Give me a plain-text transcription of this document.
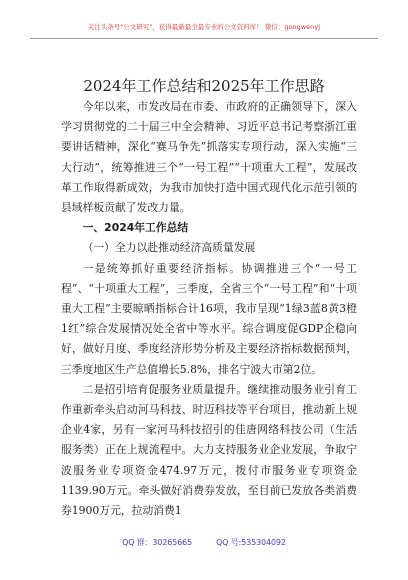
关注头条号"公文研究"，获得最新最全最专业的公文资料库！ 微信：gongwenyj
2024年工作总结和2025年工作思路

今年以来，市发改局在市委、市政府的正确领导下，深入学习贯彻党的二十届三中全会精神、习近平总书记考察浙江重要讲话精神，深化“赛马争先”抓落实专项行动，深入实施“三大行动”，统筹推进三个“一号工程”“十项重大工程”，发展改革工作取得新成效，为我市加快打造中国式现代化示范引领的县域样板贡献了发改力量。

一、2024年工作总结
（一）全力以赴推动经济高质量发展

一是统筹抓好重要经济指标。协调推进三个“一号工程”、“十项重大工程”，三季度，全省三个“一号工程”和“十项重大工程”主要晾晒指标合计16项，我市呈现“1绿3蓝8黄3橙1红”综合发展情况处全省中等水平。综合调度促GDP企稳向好，做好月度、季度经济形势分析及主要经济指标数据预判，三季度地区生产总值增长5.8%，排名宁波大市第2位。

二是招引培育促服务业质量提升。继续推动服务业引育工作重新牵头启动河马科技、时迈科技等平台项目，推动新上规企业4家，另有一家河马科技招引的佳唐网络科技公司（生活服务类）正在上规流程中。大力支持服务业企业发展，争取宁波服务业专项资金474.97万元，拨付市服务业专项资金1139.90万元。牵头做好消费券发放，至目前已发放各类消费券1900万元，拉动消费1

QQ 群：30265665	QQ 号:535304092
